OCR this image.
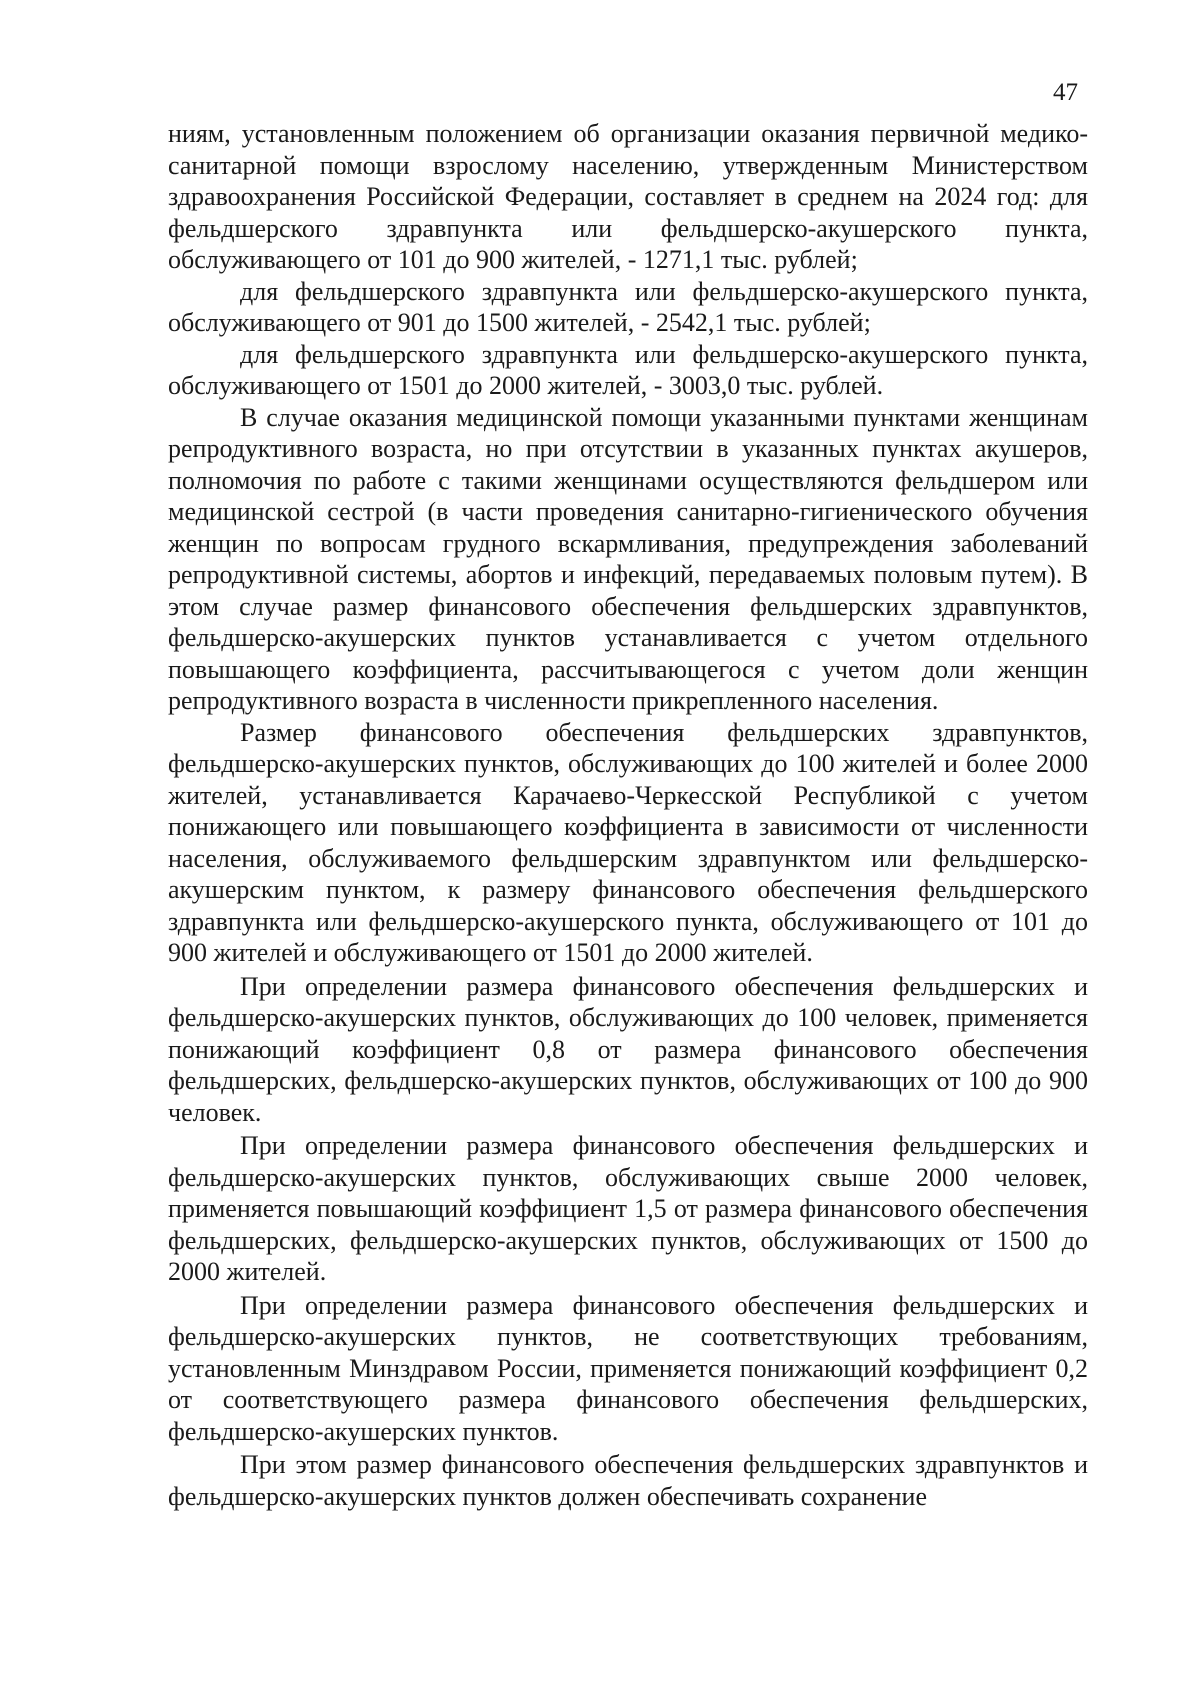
47

ниям, установленным положением об организации оказания первичной медико-санитарной помощи взрослому населению, утвержденным Министерством здравоохранения Российской Федерации, составляет в среднем на 2024 год: для фельдшерского здравпункта или фельдшерско-акушерского пункта, обслуживающего от 101 до 900 жителей, - 1271,1 тыс. рублей;

для фельдшерского здравпункта или фельдшерско-акушерского пункта, обслуживающего от 901 до 1500 жителей, - 2542,1 тыс. рублей;

для фельдшерского здравпункта или фельдшерско-акушерского пункта, обслуживающего от 1501 до 2000 жителей, - 3003,0 тыс. рублей.

В случае оказания медицинской помощи указанными пунктами женщинам репродуктивного возраста, но при отсутствии в указанных пунктах акушеров, полномочия по работе с такими женщинами осуществляются фельдшером или медицинской сестрой (в части проведения санитарно-гигиенического обучения женщин по вопросам грудного вскармливания, предупреждения заболеваний репродуктивной системы, абортов и инфекций, передаваемых половым путем). В этом случае размер финансового обеспечения фельдшерских здравпунктов, фельдшерско-акушерских пунктов устанавливается с учетом отдельного повышающего коэффициента, рассчитывающегося с учетом доли женщин репродуктивного возраста в численности прикрепленного населения.

Размер финансового обеспечения фельдшерских здравпунктов, фельдшерско-акушерских пунктов, обслуживающих до 100 жителей и более 2000 жителей, устанавливается Карачаево-Черкесской Республикой с учетом понижающего или повышающего коэффициента в зависимости от численности населения, обслуживаемого фельдшерским здравпунктом или фельдшерско-акушерским пунктом, к размеру финансового обеспечения фельдшерского здравпункта или фельдшерско-акушерского пункта, обслуживающего от 101 до 900 жителей и обслуживающего от 1501 до 2000 жителей.

При определении размера финансового обеспечения фельдшерских и фельдшерско-акушерских пунктов, обслуживающих до 100 человек, применяется понижающий коэффициент 0,8 от размера финансового обеспечения фельдшерских, фельдшерско-акушерских пунктов, обслуживающих от 100 до 900 человек.

При определении размера финансового обеспечения фельдшерских и фельдшерско-акушерских пунктов, обслуживающих свыше 2000 человек, применяется повышающий коэффициент 1,5 от размера финансового обеспечения фельдшерских, фельдшерско-акушерских пунктов, обслуживающих от 1500 до 2000 жителей.

При определении размера финансового обеспечения фельдшерских и фельдшерско-акушерских пунктов, не соответствующих требованиям, установленным Минздравом России, применяется понижающий коэффициент 0,2 от соответствующего размера финансового обеспечения фельдшерских, фельдшерско-акушерских пунктов.

При этом размер финансового обеспечения фельдшерских здравпунктов и фельдшерско-акушерских пунктов должен обеспечивать сохранение
